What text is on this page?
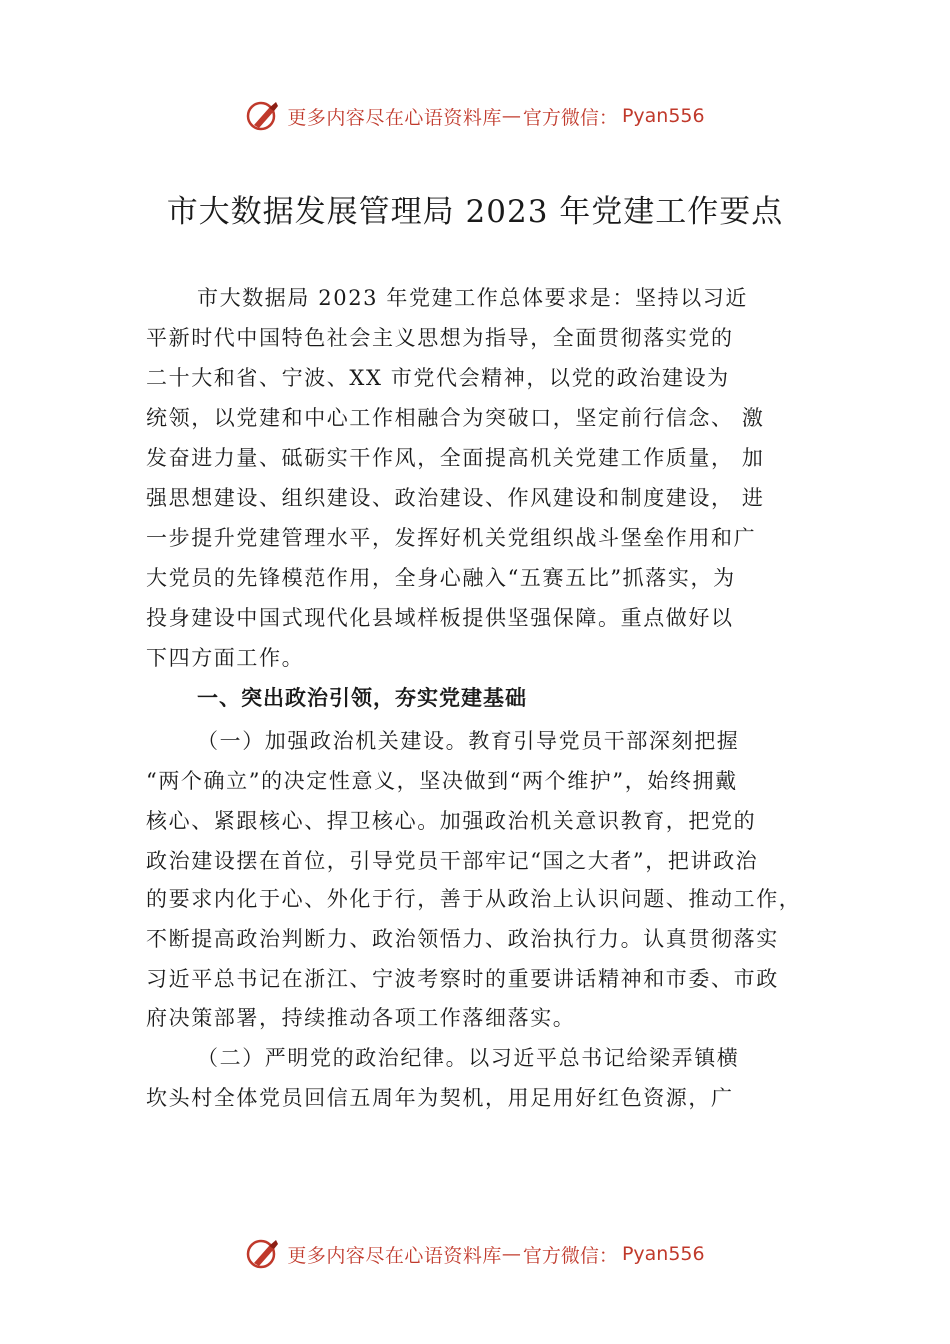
更多内容尽在心语资料库 — 官方微信： Pyan556
市大数据发展管理局 2023 年党建工作要点
市大数据局 2023 年党建工作总体要求是：坚持以习近
平新时代中国特色社会主义思想为指导，全面贯彻落实党的
二十大和省、宁波、XX 市党代会精神，以党的政治建设为
统领，以党建和中心工作相融合为突破口，坚定前行信念、 激
发奋进力量、砥砺实干作风，全面提高机关党建工作质量， 加
强思想建设、组织建设、政治建设、作风建设和制度建设， 进
一步提升党建管理水平，发挥好机关党组织战斗堡垒作用和广
大党员的先锋模范作用，全身心融入“五赛五比”抓落实，为
投身建设中国式现代化县域样板提供坚强保障。重点做好以
下四方面工作。
一、突出政治引领，夯实党建基础
（一）加强政治机关建设。教育引导党员干部深刻把握
“两个确立”的决定性意义，坚决做到“两个维护”，始终拥戴
核心、紧跟核心、捍卫核心。加强政治机关意识教育，把党的
政治建设摆在首位，引导党员干部牢记“国之大者”，把讲政治
的要求内化于心、外化于行，善于从政治上认识问题、推动工作，
不断提高政治判断力、政治领悟力、政治执行力。认真贯彻落实
习近平总书记在浙江、宁波考察时的重要讲话精神和市委、市政
府决策部署，持续推动各项工作落细落实。
（二）严明党的政治纪律。以习近平总书记给梁弄镇横
坎头村全体党员回信五周年为契机，用足用好红色资源，广
更多内容尽在心语资料库 — 官方微信： Pyan556
